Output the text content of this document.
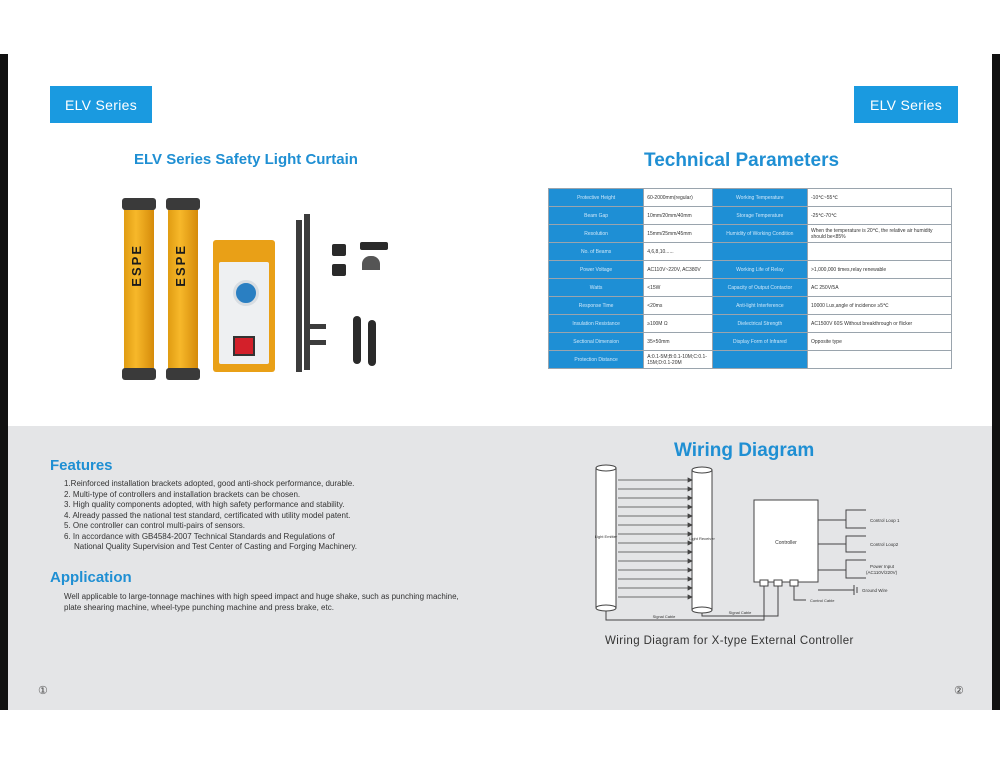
ELV Series	ELV Series
ELV Series Safety Light Curtain	Technical Parameters
ESPE ESPE
Protective Height	60-2000mm(regular)	Working Temperature	-10℃~55℃
Beam Gap	10mm/20mm/40mm	Storage Temperature	-25℃-70℃
Resolution	15mm/25mm/45mm	Humidity of Working Condition	When the temperature is 20℃, the relative air humidity should be<85%
No. of Beams	4,6,8,10......		
Power Voltage	AC110V~220V, AC380V	Working Life of Relay	>1,000,000 times,relay renewable
Watts	<15W	Capacity of Output Contactor	AC 250V/5A
Response Time	<20ms	Anti-light Interference	10000 Lux,angle of incidence ≥5℃
Insulation Resistance	≥100M Ω	Dielectrical Strength	AC1500V 60S Without breakthrough or flicker
Sectional Dimension	35×50mm	Display Form of Infrared	Opposite type
Protection Distance	A:0.1-5M;B:0.1-10M;C:0.1-15M;D:0.1-20M		
Features
1.Reinforced installation brackets adopted, good anti-shock performance, durable.
2. Multi-type of controllers and installation brackets can be chosen.
3. High quality components adopted, with high safety performance and stability.
4. Already passed the national test standard, certificated with utility model patent.
5. One controller can control multi-pairs of sensors.
6. In accordance with GB4584-2007 Technical Standards and Regulations of
National Quality Supervision and Test Center of Casting and Forging Machinery.
Application
Well applicable to large-tonnage machines with high speed impact and huge shake, such as punching machine, plate shearing machine, wheel-type punching machine and press brake, etc.
Wiring Diagram
Light Emitter	Light Receiver
Controller
Signal Cable
Signal Cable
Control Cable
Control Loop 1
Control Loop2
Power Input
(AC110V/220V)
Ground Wire
Wiring Diagram for X-type External Controller
①	②
